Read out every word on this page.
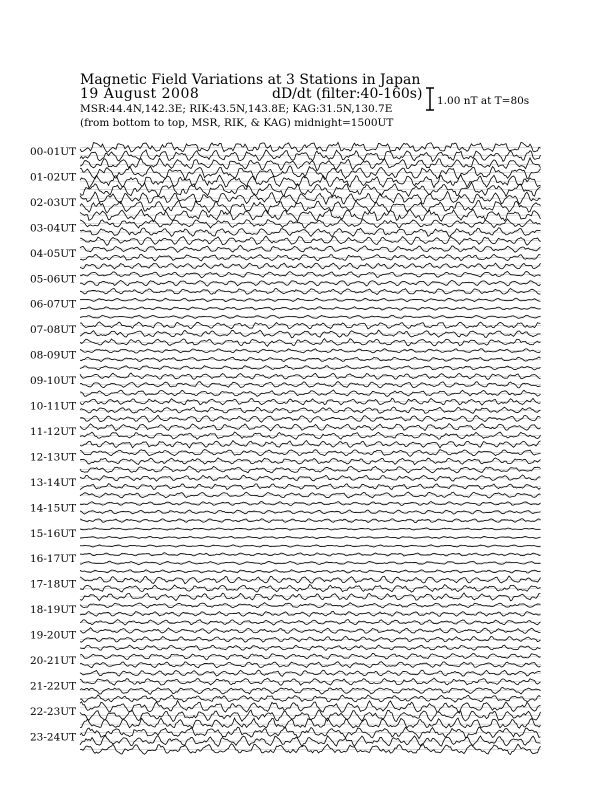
Magnetic Field Variations at 3 Stations in Japan
19 August 2008	dD/dt (filter:40-160s)
MSR:44.4N,142.3E; RIK:43.5N,143.8E; KAG:31.5N,130.7E
(from bottom to top, MSR, RIK, & KAG) midnight=1500UT
1.00 nT at T=80s
00-01UT
01-02UT
02-03UT
03-04UT
04-05UT
05-06UT
06-07UT
07-08UT
08-09UT
09-10UT
10-11UT
11-12UT
12-13UT
13-14UT
14-15UT
15-16UT
16-17UT
17-18UT
18-19UT
19-20UT
20-21UT
21-22UT
22-23UT
23-24UT
